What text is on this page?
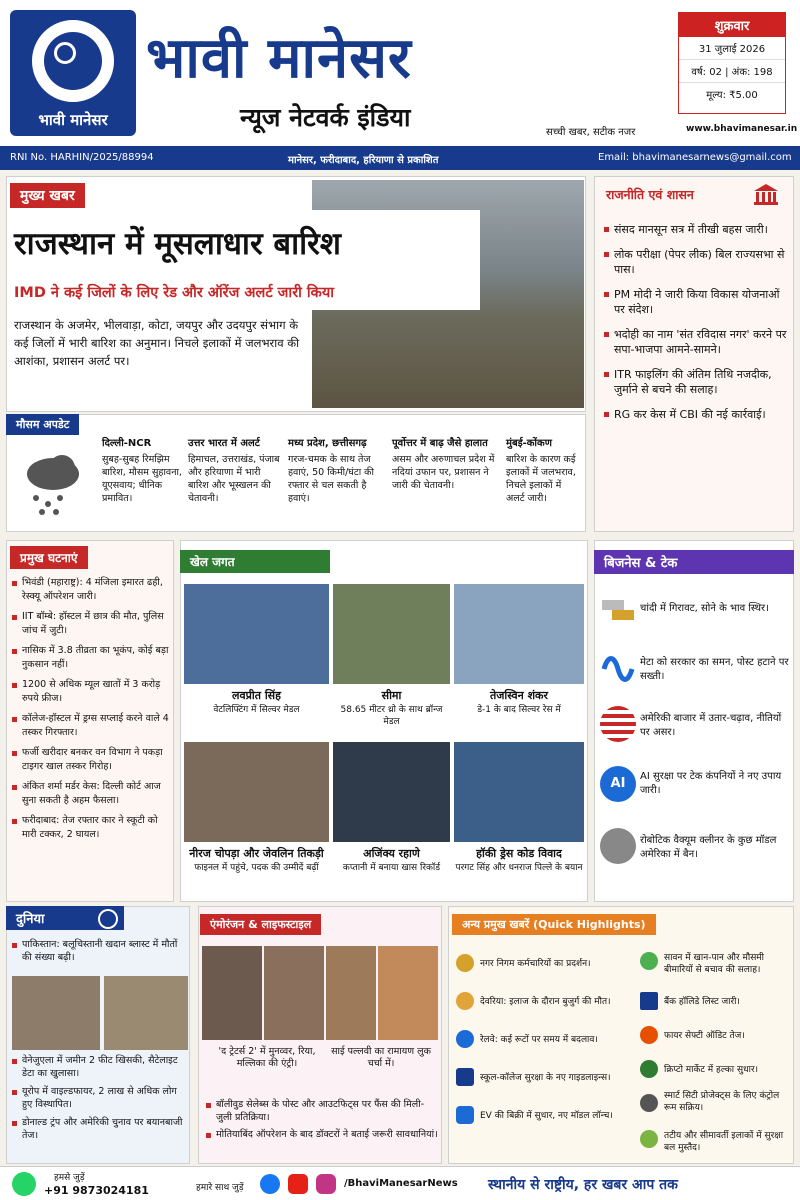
भावी मानेसर
भावी मानेसर
न्यूज नेटवर्क इंडिया
सच्ची खबर, सटीक नजर
शुक्रवार
31 जुलाई 2026
वर्ष: 02 | अंक: 198
मूल्य: ₹5.00
www.bhavimanesar.in
RNI No. HARHIN/2025/88994	मानेसर, फरीदाबाद, हरियाणा से प्रकाशित	Email: bhavimanesarnews@gmail.com
मुख्य खबर
राजस्थान में मूसलाधार बारिश
IMD ने कई जिलों के लिए रेड और ऑरेंज अलर्ट जारी किया
राजस्थान के अजमेर, भीलवाड़ा, कोटा, जयपुर और उदयपुर संभाग के कई जिलों में भारी बारिश का अनुमान। निचले इलाकों में जलभराव की आशंका, प्रशासन अलर्ट पर।
मौसम अपडेट
दिल्ली-NCR
सुबह-सुबह रिमझिम बारिश, मौसम सुहावना, यूएसवाय; धीनिक प्रमावित।
उत्तर भारत में अलर्ट
हिमाचल, उत्तराखंड, पंजाब और हरियाणा में भारी बारिश और भूस्खलन की चेतावनी।
मध्य प्रदेश, छत्तीसगढ़
गरज-चमक के साथ तेज हवाएं, 50 किमी/घंटा की रफ्तार से चल सकती है हवाएं।
पूर्वोत्तर में बाढ़ जैसे हालात
असम और अरुणाचल प्रदेश में नदियां उफान पर, प्रशासन ने जारी की चेतावनी।
मुंबई-कोंकण
बारिश के कारण कई इलाकों में जलभराव, निचले इलाकों में अलर्ट जारी।
राजनीति एवं शासन
संसद मानसून सत्र में तीखी बहस जारी।
लोक परीक्षा (पेपर लीक) बिल राज्यसभा से पास।
PM मोदी ने जारी किया विकास योजनाओं पर संदेश।
भदोही का नाम 'संत रविदास नगर' करने पर सपा-भाजपा आमने-सामने।
ITR फाइलिंग की अंतिम तिथि नजदीक, जुर्माने से बचने की सलाह।
RG कर केस में CBI की नई कार्रवाई।
प्रमुख घटनाएं
भिवंडी (महाराष्ट्र): 4 मंजिला इमारत ढही, रेस्क्यू ऑपरेशन जारी।
IIT बॉम्बे: हॉस्टल में छात्र की मौत, पुलिस जांच में जुटी।
नासिक में 3.8 तीव्रता का भूकंप, कोई बड़ा नुकसान नहीं।
1200 से अधिक म्यूल खातों में 3 करोड़ रुपये फ्रीज।
कॉलेज-हॉस्टल में ड्रग्स सप्लाई करने वाले 4 तस्कर गिरफ्तार।
फर्जी खरीदार बनकर वन विभाग ने पकड़ा टाइगर खाल तस्कर गिरोह।
अंकित शर्मा मर्डर केस: दिल्ली कोर्ट आज सुना सकती है अहम फैसला।
फरीदाबाद: तेज रफ्तार कार ने स्कूटी को मारी टक्कर, 2 घायल।
खेल जगत
लवप्रीत सिंह
वेटलिफ्टिंग में सिल्वर मेडल
सीमा
58.65 मीटर थ्रो के साथ ब्रॉन्ज मेडल
तेजस्विन शंकर
डे-1 के बाद सिल्वर रेस में
नीरज चोपड़ा और जेवलिन तिकड़ी
फाइनल में पहुंचे, पदक की उम्मीदें बढ़ीं
अजिंक्य रहाणे
कप्तानी में बनाया खास रिकॉर्ड
हॉकी ड्रेस कोड विवाद
परगट सिंह और धनराज पिल्ले के बयान
बिजनेस & टेक
चांदी में गिरावट, सोने के भाव स्थिर।
मेटा को सरकार का समन, पोस्ट हटाने पर सख्ती।
अमेरिकी बाजार में उतार-चढ़ाव, नीतियों पर असर।
AI	AI सुरक्षा पर टेक कंपनियों ने नए उपाय जारी।
रोबोटिक वैक्यूम क्लीनर के कुछ मॉडल अमेरिका में बैन।
दुनिया
पाकिस्तान: बलूचिस्तानी खदान ब्लास्ट में मौतों की संख्या बढ़ी।
वेनेजुएला में जमीन 2 फीट खिसकी, सैटेलाइट डेटा का खुलासा।
यूरोप में वाइल्डफायर, 2 लाख से अधिक लोग हुए विस्थापित।
डोनाल्ड ट्रंप और अमेरिकी चुनाव पर बयानबाजी तेज।
एंमोरंजन & लाइफस्टाइल
'द ट्रेटर्स 2' में मुनव्वर, रिया, मल्लिका की एंट्री।
साई पल्लवी का रामायण लुक चर्चा में।
बॉलीवुड सेलेब्स के पोस्ट और आउटफिट्स पर फैंस की मिली-जुली प्रतिक्रिया।
मोतियाबिंद ऑपरेशन के बाद डॉक्टरों ने बताई जरूरी सावधानियां।
अन्य प्रमुख खबरें (Quick Highlights)
नगर निगम कर्मचारियों का प्रदर्शन।
देवरिया: इलाज के दौरान बुजुर्ग की मौत।
रेलवे: कई रूटों पर समय में बदलाव।
स्कूल-कॉलेज सुरक्षा के नए गाइडलाइन्स।
EV की बिक्री में सुधार, नए मॉडल लॉन्च।
सावन में खान-पान और मौसमी बीमारियों से बचाव की सलाह।
बैंक हॉलिडे लिस्ट जारी।
फायर सेफ्टी ऑडिट तेज।
क्रिप्टो मार्केट में हल्का सुधार।
स्मार्ट सिटी प्रोजेक्ट्स के लिए कंट्रोल रूम सक्रिय।
तटीय और सीमावर्ती इलाकों में सुरक्षा बल मुस्तैद।
हमसे जुड़ें
+91 9873024181	हमारे साथ जुड़ें	/BhaviManesarNews स्थानीय से राष्ट्रीय, हर खबर आप तक
